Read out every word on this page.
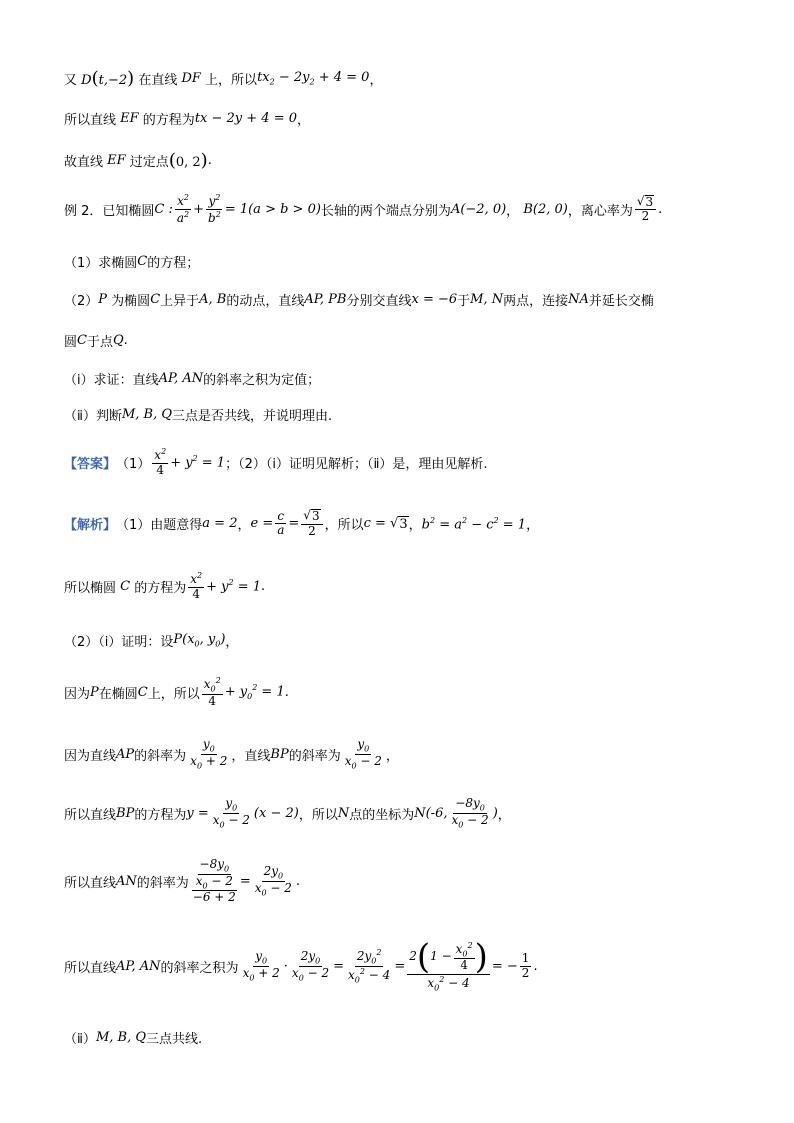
又 D(t,−2) 在直线 DF 上，所以 $tx_2 - 2y_2 + 4 = 0$ ，
所以直线 EF 的方程为 tx − 2y + 4 = 0 ，
故直线 EF 过定点 (0, 2) .
例 2．已知椭圆 C : $\frac{x^2}{a^2} + \frac{y^2}{b^2} = 1(a > b > 0)$ 长轴的两个端点分别为 A(−2, 0) ， B(2, 0) ，离心率为 $\frac{√ 3}{2}$ .
（1）求椭圆 C 的方程；
（2） P 为椭圆 C 上异于 A, B 的动点，直线 AP, PB 分别交直线 x = −6 于 M, N 两点，连接 NA 并延长交椭
圆 C 于点 Q .
（ⅰ）求证：直线 AP, AN 的斜率之积为定值；
（ⅱ）判断 M, B, Q 三点是否共线，并说明理由.
【答案】 $(1) \frac{x^2}{4} + y^2 = 1$ ；（2）（ⅰ）证明见解析；（ⅱ）是，理由见解析.
【解析】 （1）由题意得 a = 2 ， $e = \frac{c}{a} = \frac{√ 3}{2}$ ，所以 c = √ 3 ， $b^2 = a^2 - c^2 = 1$ ，
所以椭圆 C 的方程为 $\frac{x^2}{4} + y^2 = 1$ .
（2）（ⅰ）证明：设 $P(x_0$, $y_0$) ，
因为 P 在椭圆 C 上，所以 $\frac{x_0^2}{4} + y_0^2 = 1$ .
因为直线 AP 的斜率为 $\frac{y_0}{x_0 + 2}$ ，直线 BP 的斜率为 $\frac{y_0}{x_0 - 2}$ ，
所以直线 BP 的方程为 $y = \frac{y_0}{x_0 - 2} (x - 2)$ ，所以 N 点的坐标为 N(-6, $\frac{-8y_0}{x_0 - 2}$ ) ，
所以直线 AN 的斜率为 $\frac{\frac{-8y_0}{x_0 - 2}}{-6 + 2} = \frac{2y_0}{x_0 - 2}$ .
所以直线 AP, AN 的斜率之积为 $\frac{y_0}{x_0 + 2} \cdot \frac{2y_0}{x_0 - 2} = \frac{2y_0^2}{x_0^2 - 4} = \frac{2 ( 1 - \frac{x_0^2}{4} )}{x_0^2 - 4}$ = − $\frac{1}{2}$ .
（ⅱ） M, B, Q 三点共线.
